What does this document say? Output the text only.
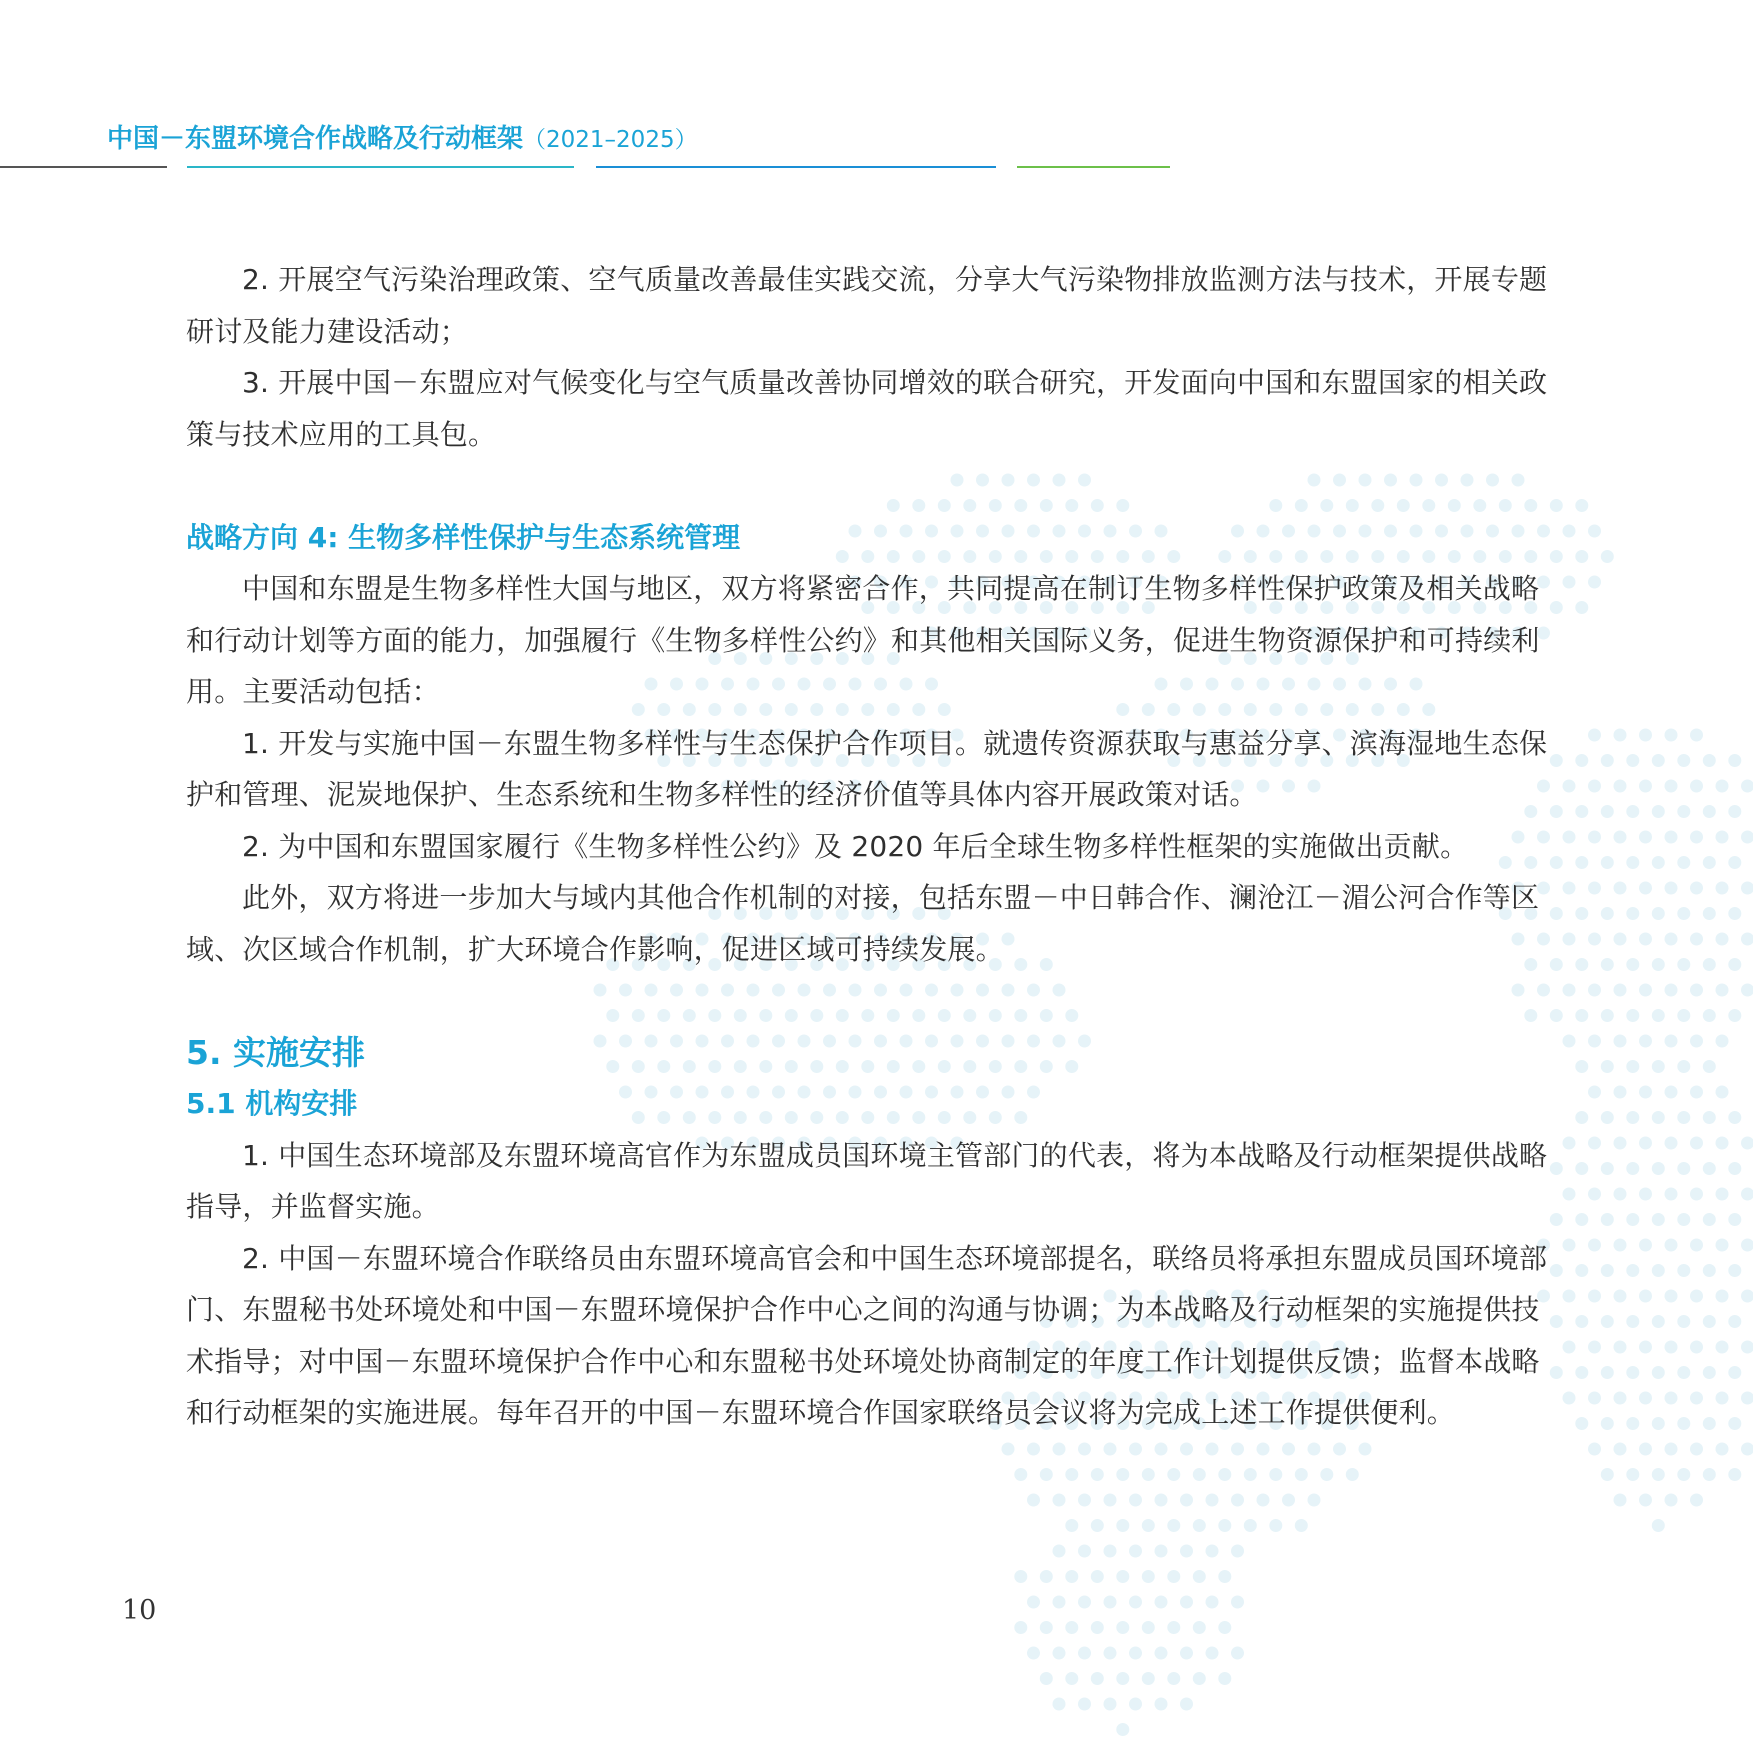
中国－东盟环境合作战略及行动框架（2021–2025）

2. 开展空气污染治理政策、空气质量改善最佳实践交流，分享大气污染物排放监测方法与技术，开展专题研讨及能力建设活动；

3. 开展中国－东盟应对气候变化与空气质量改善协同增效的联合研究，开发面向中国和东盟国家的相关政策与技术应用的工具包。

战略方向 4: 生物多样性保护与生态系统管理

中国和东盟是生物多样性大国与地区，双方将紧密合作，共同提高在制订生物多样性保护政策及相关战略和行动计划等方面的能力，加强履行《生物多样性公约》和其他相关国际义务，促进生物资源保护和可持续利用。主要活动包括：

1. 开发与实施中国－东盟生物多样性与生态保护合作项目。就遗传资源获取与惠益分享、滨海湿地生态保护和管理、泥炭地保护、生态系统和生物多样性的经济价值等具体内容开展政策对话。

2. 为中国和东盟国家履行《生物多样性公约》及 2020 年后全球生物多样性框架的实施做出贡献。

此外，双方将进一步加大与域内其他合作机制的对接，包括东盟－中日韩合作、澜沧江－湄公河合作等区域、次区域合作机制，扩大环境合作影响，促进区域可持续发展。

5. 实施安排

5.1 机构安排

1. 中国生态环境部及东盟环境高官作为东盟成员国环境主管部门的代表，将为本战略及行动框架提供战略指导，并监督实施。

2. 中国－东盟环境合作联络员由东盟环境高官会和中国生态环境部提名，联络员将承担东盟成员国环境部门、东盟秘书处环境处和中国－东盟环境保护合作中心之间的沟通与协调；为本战略及行动框架的实施提供技术指导；对中国－东盟环境保护合作中心和东盟秘书处环境处协商制定的年度工作计划提供反馈；监督本战略和行动框架的实施进展。每年召开的中国－东盟环境合作国家联络员会议将为完成上述工作提供便利。

10
